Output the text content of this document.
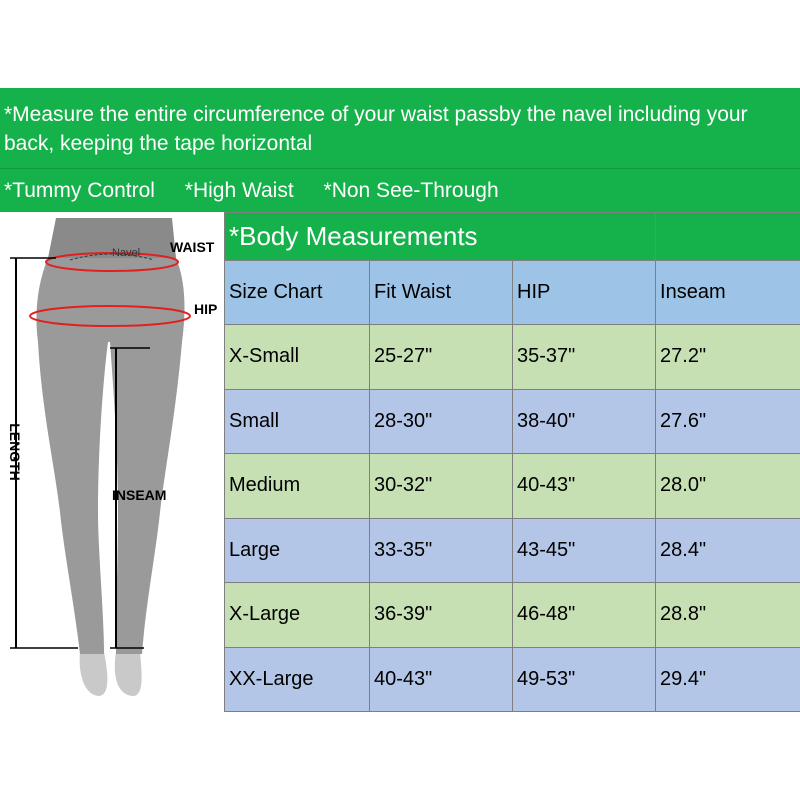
*Measure the entire circumference of your waist passby the navel including your back, keeping the tape horizontal
*Tummy Control *High Waist *Non See-Through
Navel WAIST
HIP
LENGTH
INSEAM
*Body Measurements			
Size Chart	Fit Waist	HIP	Inseam
X-Small	25-27"	35-37"	27.2"
Small	28-30"	38-40"	27.6"
Medium	30-32"	40-43"	28.0"
Large	33-35"	43-45"	28.4"
X-Large	36-39"	46-48"	28.8"
XX-Large	40-43"	49-53"	29.4"
